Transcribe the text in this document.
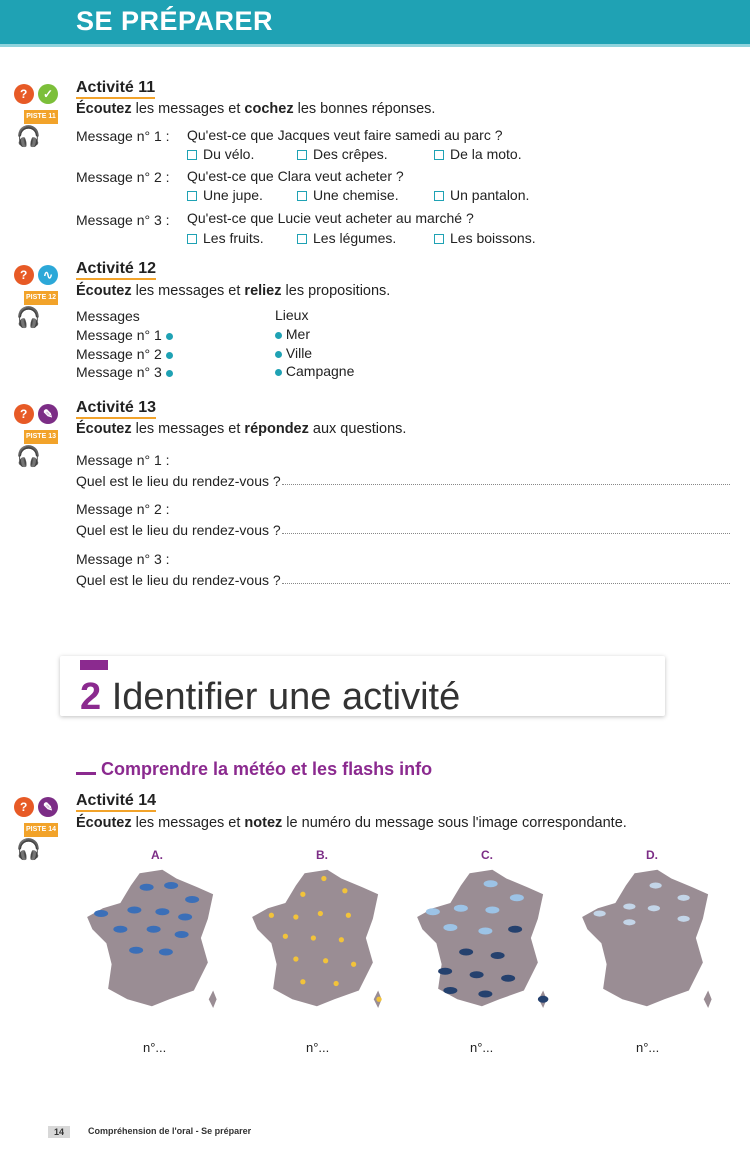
SE PRÉPARER
? ✓
PISTE 11
🎧
Activité 11
Écoutez les messages et cochez les bonnes réponses.
Message n° 1 : Qu'est-ce que Jacques veut faire samedi au parc ?
Du vélo.	Des crêpes.	De la moto.
Message n° 2 : Qu'est-ce que Clara veut acheter ?
Une jupe.	Une chemise.	Un pantalon.
Message n° 3 : Qu'est-ce que Lucie veut acheter au marché ?
Les fruits.	Les légumes.	Les boissons.
? ∿
PISTE 12
🎧
Activité 12
Écoutez les messages et reliez les propositions.
Messages
Message n° 1
Message n° 2
Message n° 3
Lieux
Mer
Ville
Campagne
? ✎
PISTE 13
🎧
Activité 13
Écoutez les messages et répondez aux questions.
Message n° 1 :
Quel est le lieu du rendez-vous ?
Message n° 2 :
Quel est le lieu du rendez-vous ?
Message n° 3 :
Quel est le lieu du rendez-vous ?
2 Identifier une activité
Comprendre la météo et les flashs info
? ✎
PISTE 14
🎧
Activité 14
Écoutez les messages et notez le numéro du message sous l'image correspondante.
A.	B.	C.	D.
n°...	n°...	n°...	n°...
14	Compréhension de l'oral - Se préparer
